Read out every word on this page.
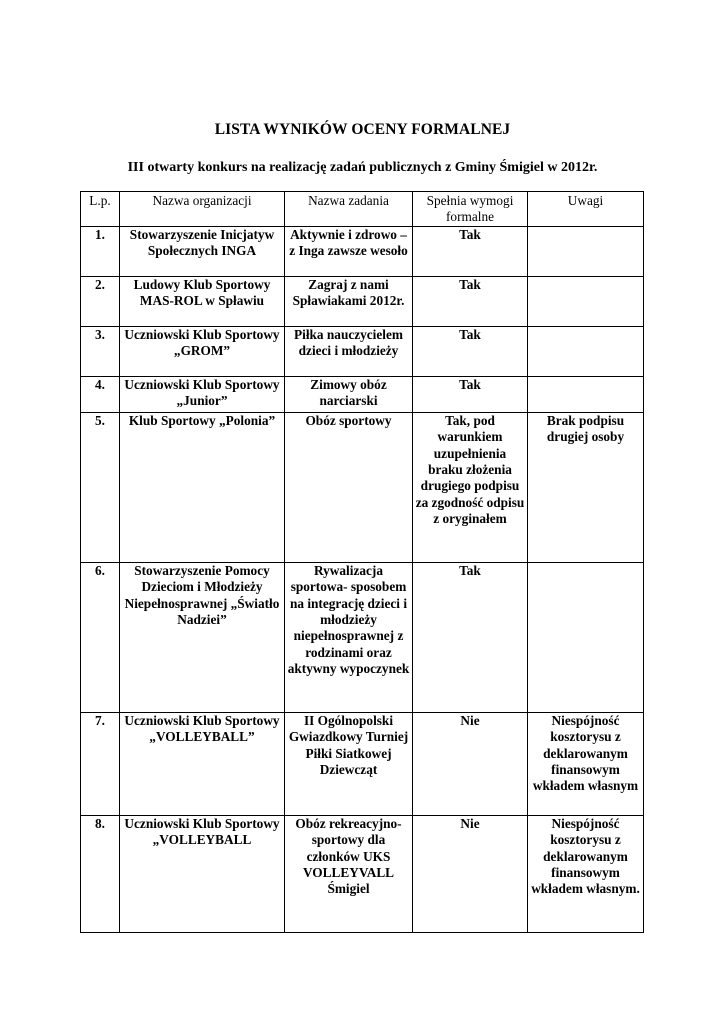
LISTA WYNIKÓW OCENY FORMALNEJ
III otwarty konkurs na realizację zadań publicznych z Gminy Śmigiel w 2012r.
L.p.	Nazwa organizacji	Nazwa zadania	Spełnia wymogi formalne	Uwagi
1.	Stowarzyszenie Inicjatyw Społecznych INGA	Aktywnie i zdrowo – z Inga zawsze wesoło	Tak	
2.	Ludowy Klub Sportowy MAS-ROL w Spławiu	Zagraj z nami Spławiakami 2012r.	Tak	
3.	Uczniowski Klub Sportowy „GROM”	Piłka nauczycielem dzieci i młodzieży	Tak	
4.	Uczniowski Klub Sportowy „Junior”	Zimowy obóz narciarski	Tak	
5.	Klub Sportowy „Polonia”	Obóz sportowy	Tak, pod warunkiem uzupełnienia braku złożenia drugiego podpisu za zgodność odpisu z oryginałem	Brak podpisu drugiej osoby
6.	Stowarzyszenie Pomocy Dzieciom i Młodzieży Niepełnosprawnej „Światło Nadziei”	Rywalizacja sportowa- sposobem na integrację dzieci i młodzieży niepełnosprawnej z rodzinami oraz aktywny wypoczynek	Tak	
7.	Uczniowski Klub Sportowy „VOLLEYBALL”	II Ogólnopolski Gwiazdkowy Turniej Piłki Siatkowej Dziewcząt	Nie	Niespójność kosztorysu z deklarowanym finansowym wkładem własnym
8.	Uczniowski Klub Sportowy „VOLLEYBALL	Obóz rekreacyjno- sportowy dla członków UKS VOLLEYVALL Śmigiel	Nie	Niespójność kosztorysu z deklarowanym finansowym wkładem własnym.
